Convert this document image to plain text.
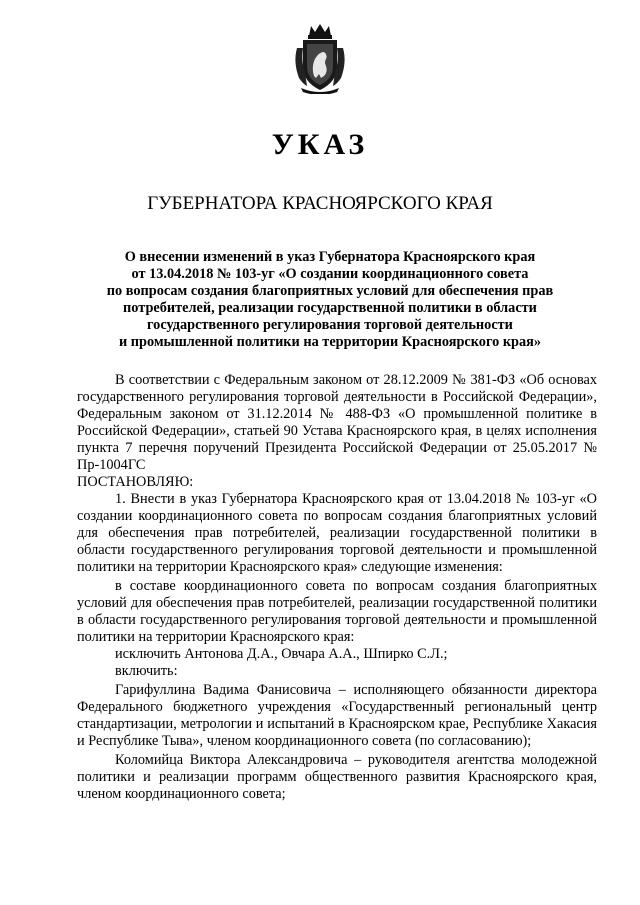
УКАЗ
ГУБЕРНАТОРА КРАСНОЯРСКОГО КРАЯ
О внесении изменений в указ Губернатора Красноярского края
от 13.04.2018 № 103-уг «О создании координационного совета
по вопросам создания благоприятных условий для обеспечения прав
потребителей, реализации государственной политики в области
государственного регулирования торговой деятельности
и промышленной политики на территории Красноярского края»

В соответствии с Федеральным законом от 28.12.2009 № 381-ФЗ «Об основах государственного регулирования торговой деятельности в Российской Федерации», Федеральным законом от 31.12.2014 № 488-ФЗ «О промышленной политике в Российской Федерации», статьей 90 Устава Красноярского края, в целях исполнения пункта 7 перечня поручений Президента Российской Федерации от 25.05.2017 № Пр-1004ГС

ПОСТАНОВЛЯЮ:

1. Внести в указ Губернатора Красноярского края от 13.04.2018 № 103-уг «О создании координационного совета по вопросам создания благоприятных условий для обеспечения прав потребителей, реализации государственной политики в области государственного регулирования торговой деятельности и промышленной политики на территории Красноярского края» следующие изменения:

в составе координационного совета по вопросам создания благоприятных условий для обеспечения прав потребителей, реализации государственной политики в области государственного регулирования торговой деятельности и промышленной политики на территории Красноярского края:

исключить Антонова Д.А., Овчара А.А., Шпирко С.Л.;

включить:

Гарифуллина Вадима Фанисовича – исполняющего обязанности директора Федерального бюджетного учреждения «Государственный региональный центр стандартизации, метрологии и испытаний в Красноярском крае, Республике Хакасия и Республике Тыва», членом координационного совета (по согласованию);

Коломийца Виктора Александровича – руководителя агентства молодежной политики и реализации программ общественного развития Красноярского края, членом координационного совета;
